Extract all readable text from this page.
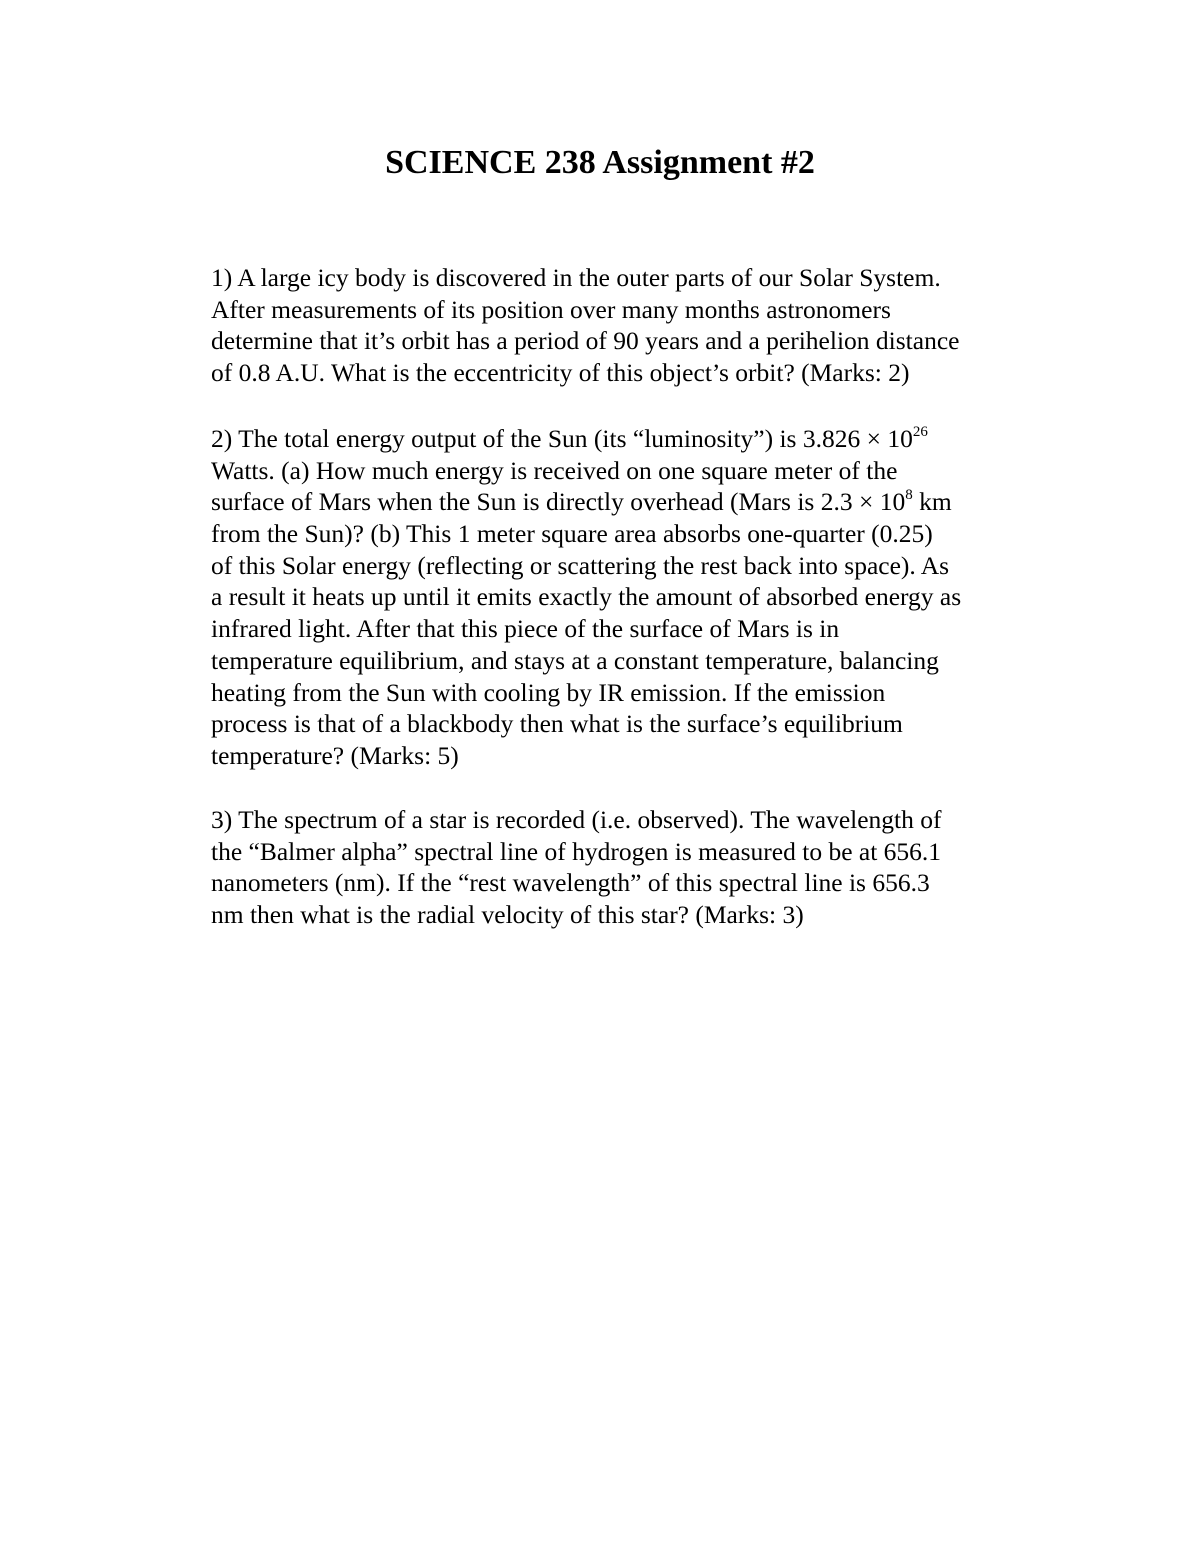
SCIENCE 238 Assignment #2
1) A large icy body is discovered in the outer parts of our Solar System.
After measurements of its position over many months astronomers
determine that it’s orbit has a period of 90 years and a perihelion distance
of 0.8 A.U. What is the eccentricity of this object’s orbit? (Marks: 2)
2) The total energy output of the Sun (its “luminosity”) is $3.826 \times 10^{26}$
Watts. (a) How much energy is received on one square meter of the
surface of Mars when the Sun is directly overhead (Mars is $2.3 \times 10^8$ km
from the Sun)? (b) This 1 meter square area absorbs one-quarter (0.25)
of this Solar energy (reflecting or scattering the rest back into space). As
a result it heats up until it emits exactly the amount of absorbed energy as
infrared light. After that this piece of the surface of Mars is in
temperature equilibrium, and stays at a constant temperature, balancing
heating from the Sun with cooling by IR emission. If the emission
process is that of a blackbody then what is the surface’s equilibrium
temperature? (Marks: 5)
3) The spectrum of a star is recorded (i.e. observed). The wavelength of
the “Balmer alpha” spectral line of hydrogen is measured to be at 656.1
nanometers (nm). If the “rest wavelength” of this spectral line is 656.3
nm then what is the radial velocity of this star? (Marks: 3)
